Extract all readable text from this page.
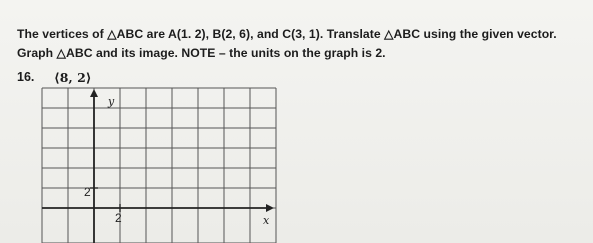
The vertices of △ABC are A(1. 2), B(2, 6), and C(3, 1). Translate △ABC using the given vector.
Graph △ABC and its image. NOTE – the units on the graph is 2.
16. ⟨8, 2⟩
y
x
2
2
